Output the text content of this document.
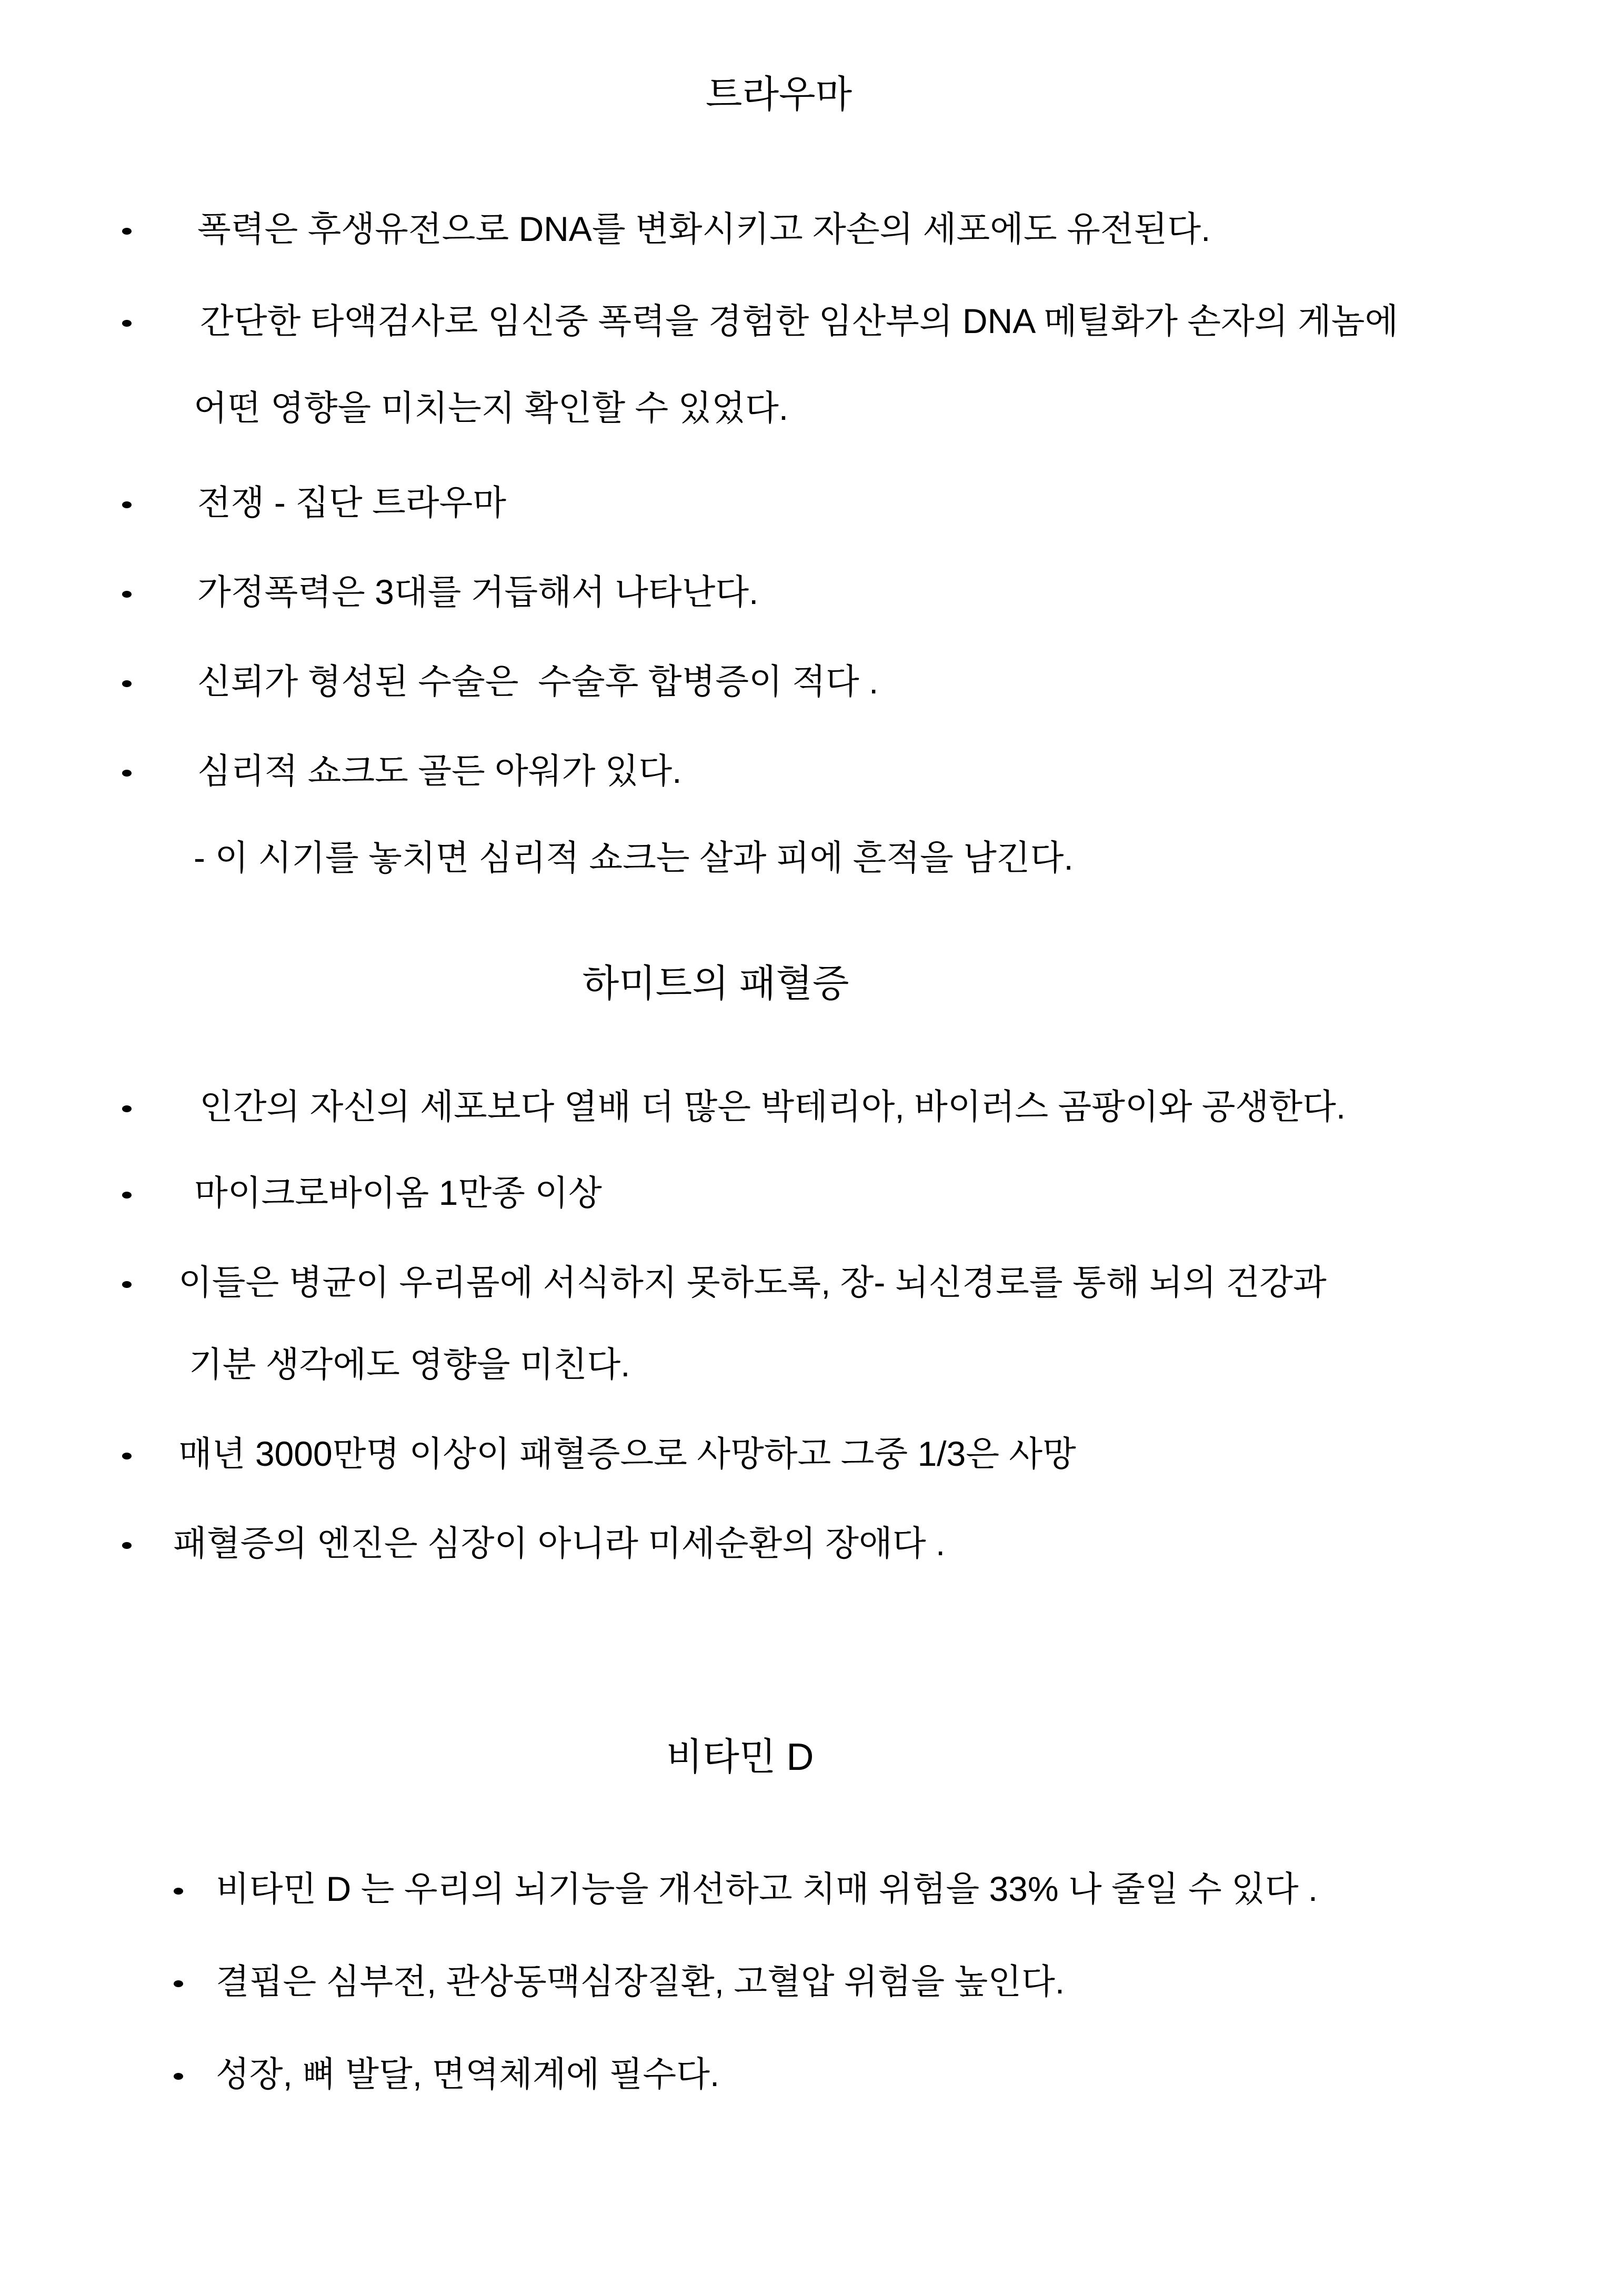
트라우마

폭력은 후생유전으로 DNA를 변화시키고 자손의 세포에도 유전된다.

간단한 타액검사로 임신중 폭력을 경험한 임산부의 DNA 메틸화가 손자의 게놈에

어떤 영향을 미치는지 확인할 수 있었다.

전쟁 - 집단 트라우마

가정폭력은 3대를 거듭해서 나타난다.

신뢰가 형성된 수술은  수술후 합병증이 적다 .

심리적 쇼크도 골든 아워가 있다.

- 이 시기를 놓치면 심리적 쇼크는 살과 피에 흔적을 남긴다.

하미트의 패혈증

인간의 자신의 세포보다 열배 더 많은 박테리아, 바이러스 곰팡이와 공생한다.

마이크로바이옴 1만종 이상

이들은 병균이 우리몸에 서식하지 못하도록, 장- 뇌신경로를 통해 뇌의 건강과

기분 생각에도 영향을 미친다.

매년 3000만명 이상이 패혈증으로 사망하고 그중 1/3은 사망

패혈증의 엔진은 심장이 아니라 미세순환의 장애다 .

비타민 D

비타민 D 는 우리의 뇌기능을 개선하고 치매 위험을 33% 나 줄일 수 있다 .

결핍은 심부전, 관상동맥심장질환, 고혈압 위험을 높인다.

성장, 뼈 발달, 면역체계에 필수다.
